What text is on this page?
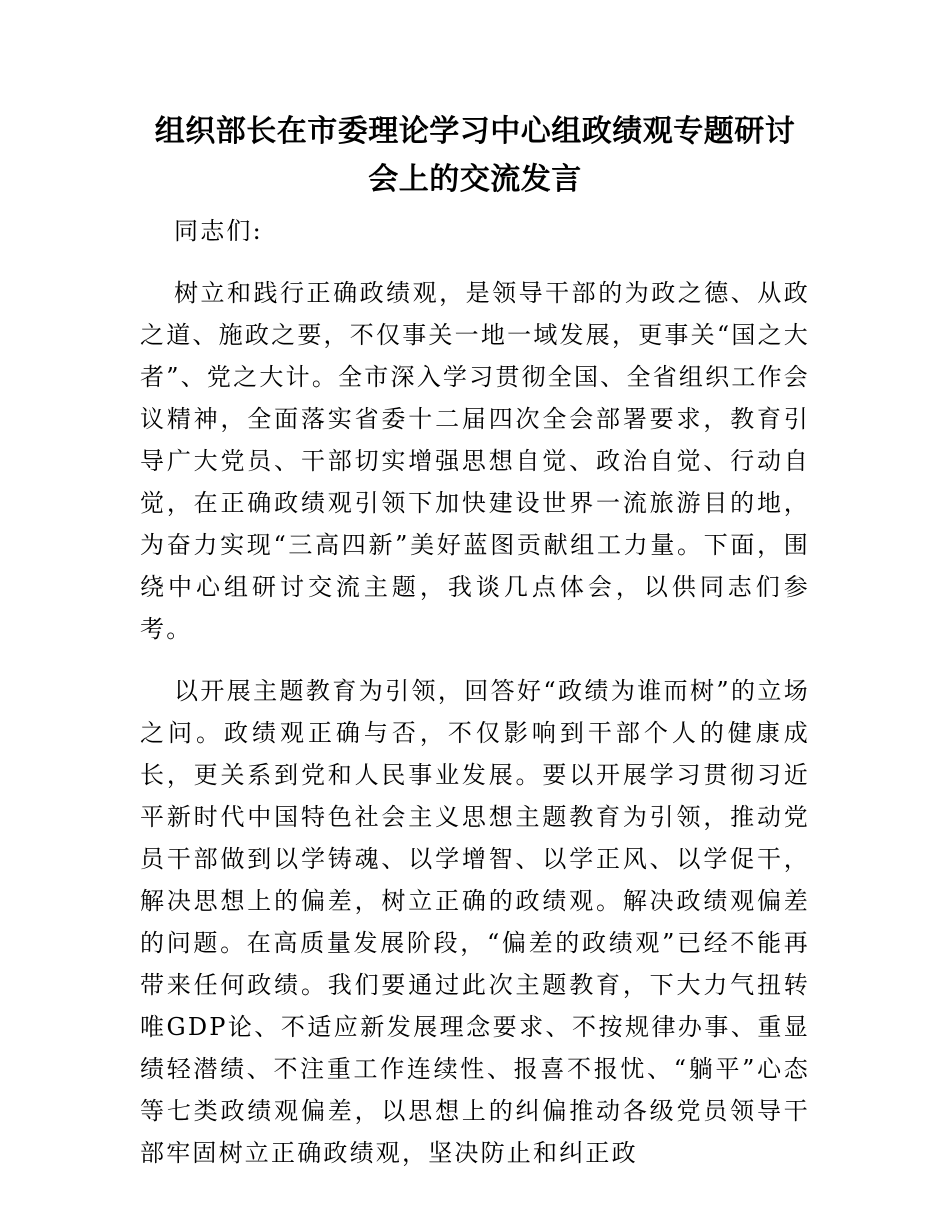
组织部长在市委理论学习中心组政绩观专题研讨会上的交流发言

同志们:

树立和践行正确政绩观，是领导干部的为政之德、从政之道、施政之要，不仅事关一地一域发展，更事关“国之大者”、党之大计。全市深入学习贯彻全国、全省组织工作会议精神，全面落实省委十二届四次全会部署要求，教育引导广大党员、干部切实增强思想自觉、政治自觉、行动自觉，在正确政绩观引领下加快建设世界一流旅游目的地，为奋力实现“三高四新”美好蓝图贡献组工力量。下面，围绕中心组研讨交流主题，我谈几点体会，以供同志们参考。

以开展主题教育为引领，回答好“政绩为谁而树”的立场之问。政绩观正确与否，不仅影响到干部个人的健康成长，更关系到党和人民事业发展。要以开展学习贯彻习近平新时代中国特色社会主义思想主题教育为引领，推动党员干部做到以学铸魂、以学增智、以学正风、以学促干，解决思想上的偏差，树立正确的政绩观。解决政绩观偏差的问题。在高质量发展阶段，“偏差的政绩观”已经不能再带来任何政绩。我们要通过此次主题教育，下大力气扭转唯GDP论、不适应新发展理念要求、不按规律办事、重显绩轻潜绩、不注重工作连续性、报喜不报忧、“躺平”心态等七类政绩观偏差，以思想上的纠偏推动各级党员领导干部牢固树立正确政绩观，坚决防止和纠正政
